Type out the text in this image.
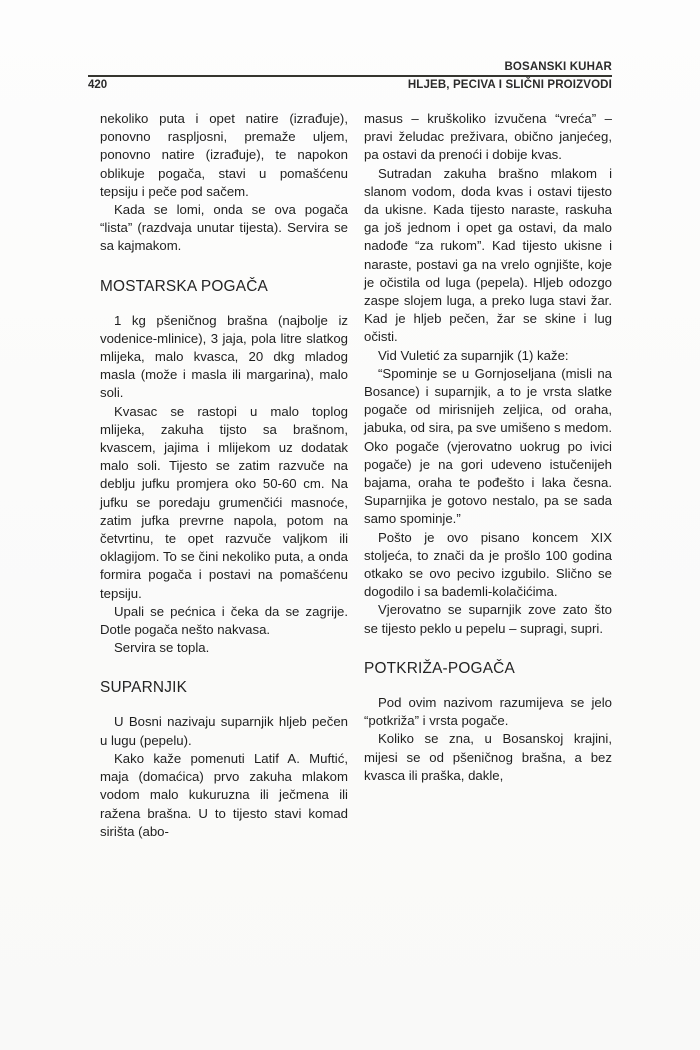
BOSANSKI KUHAR
420	HLJEB, PECIVA I SLIČNI PROIZVODI

nekoliko puta i opet natire (izrađuje), ponovno raspljosni, premaže uljem, ponovno natire (izrađuje), te napokon oblikuje pogača, stavi u pomašćenu tepsiju i peče pod sačem.

Kada se lomi, onda se ova pogača “lista” (razdvaja unutar tijesta). Servira se sa kajmakom.

MOSTARSKA POGAČA

1 kg pšeničnog brašna (najbolje iz vodenice-mlinice), 3 jaja, pola litre slatkog mlijeka, malo kvasca, 20 dkg mladog masla (može i masla ili margarina), malo soli.

Kvasac se rastopi u malo toplog mlijeka, zakuha tijsto sa brašnom, kvascem, jajima i mlijekom uz dodatak malo soli. Tijesto se zatim razvuče na deblju jufku promjera oko 50-60 cm. Na jufku se poredaju grumenčići masnoće, zatim jufka prevrne napola, potom na četvrtinu, te opet razvuče valjkom ili oklagijom. To se čini nekoliko puta, a onda formira pogača i postavi na pomašćenu tepsiju.

Upali se pećnica i čeka da se zagrije. Dotle pogača nešto nakvasa.

Servira se topla.

SUPARNJIK

U Bosni nazivaju suparnjik hljeb pečen u lugu (pepelu).

Kako kaže pomenuti Latif A. Muftić, maja (domaćica) prvo zakuha mlakom vodom malo kukuruzna ili ječmena ili ražena brašna. U to tijesto stavi komad sirišta (abo-

masus – kruškoliko izvučena “vreća” – pravi želudac preživara, obično janjećeg, pa ostavi da prenoći i dobije kvas.

Sutradan zakuha brašno mlakom i slanom vodom, doda kvas i ostavi tijesto da ukisne. Kada tijesto naraste, raskuha ga još jednom i opet ga ostavi, da malo nadođe “za rukom”. Kad tijesto ukisne i naraste, postavi ga na vrelo ognjište, koje je očistila od luga (pepela). Hljeb odozgo zaspe slojem luga, a preko luga stavi žar. Kad je hljeb pečen, žar se skine i lug očisti.

Vid Vuletić za suparnjik (1) kaže:

“Spominje se u Gornjoseljana (misli na Bosance) i suparnjik, a to je vrsta slatke pogače od mirisnijeh zeljica, od oraha, jabuka, od sira, pa sve umišeno s medom. Oko pogače (vjerovatno uokrug po ivici pogače) je na gori udeveno istučenijeh bajama, oraha te pođešto i laka česna. Suparnjika je gotovo nestalo, pa se sada samo spominje.”

Pošto je ovo pisano koncem XIX stoljeća, to znači da je prošlo 100 godina otkako se ovo pecivo izgubilo. Slično se dogodilo i sa bademli-kolačićima.

Vjerovatno se suparnjik zove zato što se tijesto peklo u pepelu – supragi, supri.

POTKRIŽA-POGAČA

Pod ovim nazivom razumijeva se jelo “potkriža” i vrsta pogače.

Koliko se zna, u Bosanskoj krajini, mijesi se od pšeničnog brašna, a bez kvasca ili praška, dakle,
